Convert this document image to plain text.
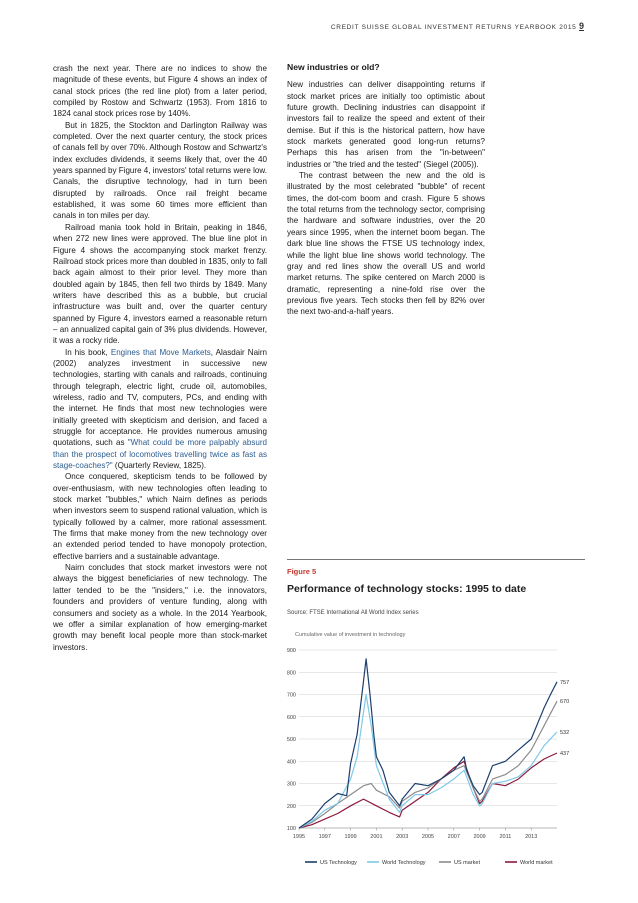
CREDIT SUISSE GLOBAL INVESTMENT RETURNS YEARBOOK 2015 9

crash the next year. There are no indices to show the magnitude of these events, but Figure 4 shows an index of canal stock prices (the red line plot) from a later period, compiled by Rostow and Schwartz (1953). From 1816 to 1824 canal stock prices rose by 140%.

But in 1825, the Stockton and Darlington Railway was completed. Over the next quarter century, the stock prices of canals fell by over 70%. Although Rostow and Schwartz's index excludes dividends, it seems likely that, over the 40 years spanned by Figure 4, investors' total returns were low. Canals, the disruptive technology, had in turn been disrupted by railroads. Once rail freight became established, it was some 60 times more efficient than canals in ton miles per day.

Railroad mania took hold in Britain, peaking in 1846, when 272 new lines were approved. The blue line plot in Figure 4 shows the accompanying stock market frenzy. Railroad stock prices more than doubled in 1835, only to fall back again almost to their prior level. They more than doubled again by 1845, then fell two thirds by 1849. Many writers have described this as a bubble, but crucial infrastructure was built and, over the quarter century spanned by Figure 4, investors earned a reasonable return – an annualized capital gain of 3% plus dividends. However, it was a rocky ride.

In his book, Engines that Move Markets, Alasdair Nairn (2002) analyzes investment in successive new technologies, starting with canals and railroads, continuing through telegraph, electric light, crude oil, automobiles, wireless, radio and TV, computers, PCs, and ending with the internet. He finds that most new technologies were initially greeted with skepticism and derision, and faced a struggle for acceptance. He provides numerous amusing quotations, such as "What could be more palpably absurd than the prospect of locomotives travelling twice as fast as stage-coaches?" (Quarterly Review, 1825).

Once conquered, skepticism tends to be followed by over-enthusiasm, with new technologies often leading to stock market "bubbles," which Nairn defines as periods when investors seem to suspend rational valuation, which is typically followed by a calmer, more rational assessment. The firms that make money from the new technology over an extended period tended to have monopoly protection, effective barriers and a sustainable advantage.

Nairn concludes that stock market investors were not always the biggest beneficiaries of new technology. The latter tended to be the "insiders," i.e. the innovators, founders and providers of venture funding, along with consumers and society as a whole. In the 2014 Yearbook, we offer a similar explanation of how emerging-market growth may benefit local people more than stock-market investors.

New industries or old?

New industries can deliver disappointing returns if stock market prices are initially too optimistic about future growth. Declining industries can disappoint if investors fail to realize the speed and extent of their demise. But if this is the historical pattern, how have stock markets generated good long-run returns? Perhaps this has arisen from the "in-between" industries or "the tried and the tested" (Siegel (2005)).

The contrast between the new and the old is illustrated by the most celebrated "bubble" of recent times, the dot-com boom and crash. Figure 5 shows the total returns from the technology sector, comprising the hardware and software industries, over the 20 years since 1995, when the internet boom began. The dark blue line shows the FTSE US technology index, while the light blue line shows world technology. The gray and red lines show the overall US and world market returns. The spike centered on March 2000 is dramatic, representing a nine-fold rise over the previous five years. Tech stocks then fell by 82% over the next two-and-a-half years.

Figure 5
Performance of technology stocks: 1995 to date
Source: FTSE International All World Index series
Cumulative value of investment in technology
100
200
300
400
500
600
700
800
900
1995 1997 1999 2001 2003 2005 2007 2009	2011	2013
757
670
532
437
US Technology	World Technology	US market	World market
